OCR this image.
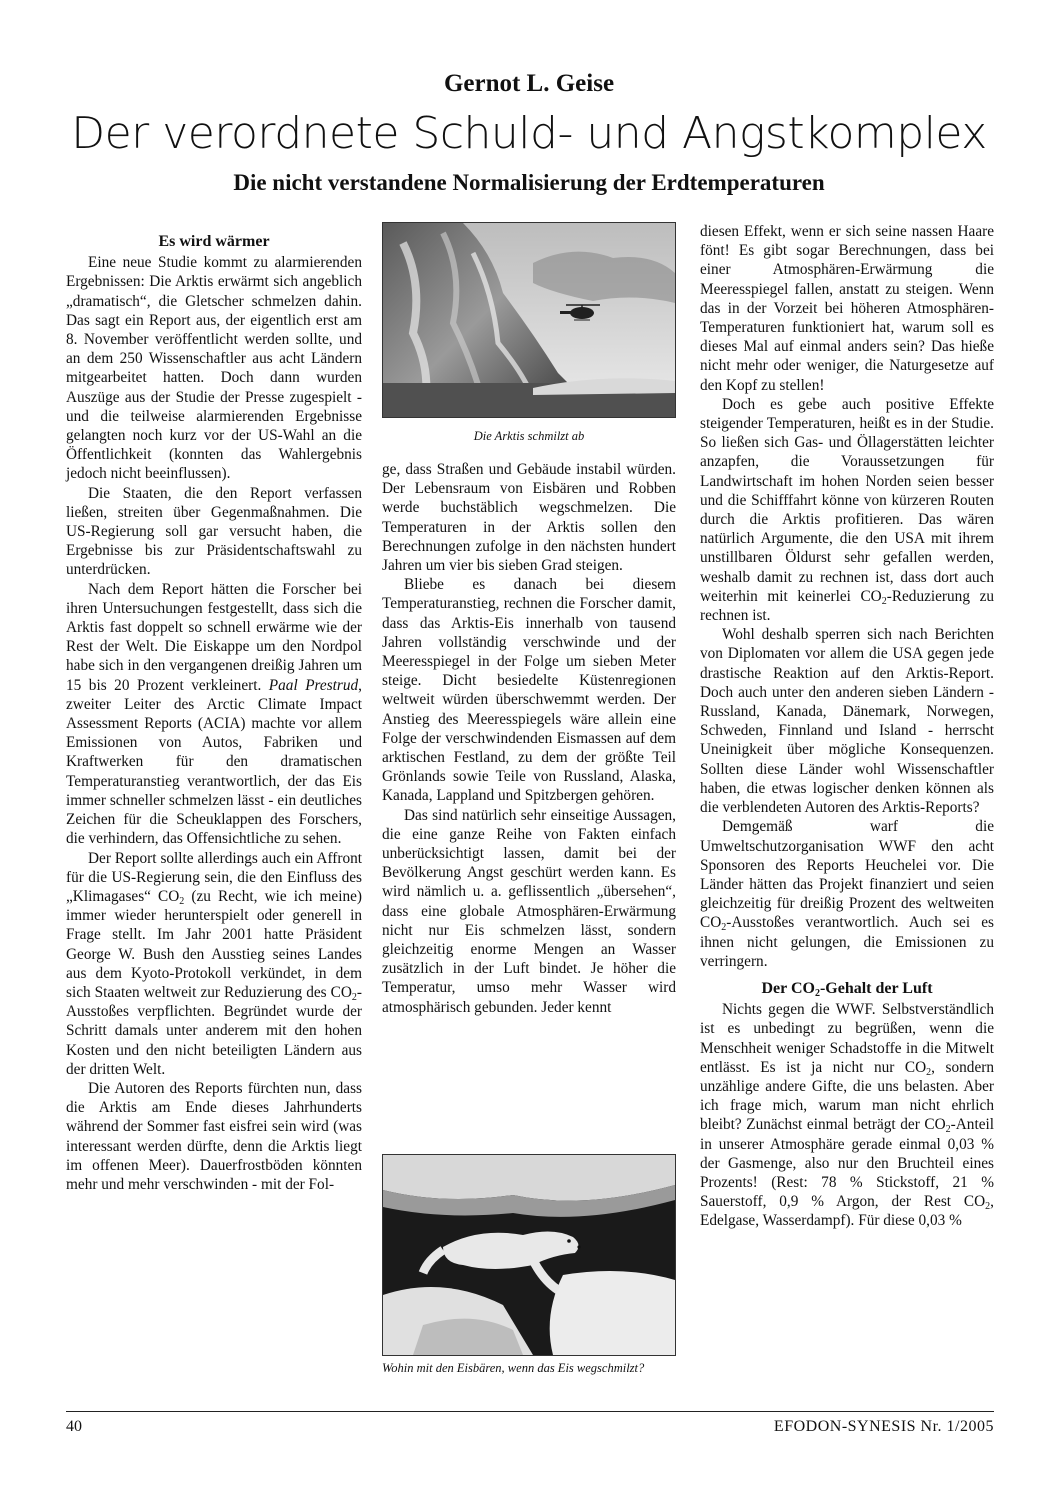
Gernot L. Geise
Der verordnete Schuld- und Angstkomplex
Die nicht verstandene Normalisierung der Erdtemperaturen
Es wird wärmer

Eine neue Studie kommt zu alarmierenden Ergebnissen: Die Arktis erwärmt sich angeblich „dramatisch“, die Gletscher schmelzen dahin. Das sagt ein Report aus, der eigentlich erst am 8. November veröffentlicht werden sollte, und an dem 250 Wissenschaftler aus acht Ländern mitgearbeitet hatten. Doch dann wurden Auszüge aus der Studie der Presse zugespielt - und die teilweise alarmierenden Ergebnisse gelangten noch kurz vor der US-Wahl an die Öffentlichkeit (konnten das Wahlergebnis jedoch nicht beeinflussen).

Die Staaten, die den Report verfassen ließen, streiten über Gegenmaßnahmen. Die US-Regierung soll gar versucht haben, die Ergebnisse bis zur Präsidentschaftswahl zu unterdrücken.

Nach dem Report hätten die Forscher bei ihren Untersuchungen festgestellt, dass sich die Arktis fast doppelt so schnell erwärme wie der Rest der Welt. Die Eiskappe um den Nordpol habe sich in den vergangenen dreißig Jahren um 15 bis 20 Prozent verkleinert. Paal Prestrud, zweiter Leiter des Arctic Climate Impact Assessment Reports (ACIA) machte vor allem Emissionen von Autos, Fabriken und Kraftwerken für den dramatischen Temperaturanstieg verantwortlich, der das Eis immer schneller schmelzen lässt - ein deutliches Zeichen für die Scheuklappen des Forschers, die verhindern, das Offensichtliche zu sehen.

Der Report sollte allerdings auch ein Affront für die US-Regierung sein, die den Einfluss des „Klimagases“ $CO_2$ (zu Recht, wie ich meine) immer wieder herunterspielt oder generell in Frage stellt. Im Jahr 2001 hatte Präsident George W. Bush den Ausstieg seines Landes aus dem Kyoto-Protokoll verkündet, in dem sich Staaten weltweit zur Reduzierung des $CO_2$-Ausstoßes verpflichten. Begründet wurde der Schritt damals unter anderem mit den hohen Kosten und den nicht beteiligten Ländern aus der dritten Welt.

Die Autoren des Reports fürchten nun, dass die Arktis am Ende dieses Jahrhunderts während der Sommer fast eisfrei sein wird (was interessant werden dürfte, denn die Arktis liegt im offenen Meer). Dauerfrostböden könnten mehr und mehr verschwinden - mit der Fol-

Die Arktis schmilzt ab

ge, dass Straßen und Gebäude instabil würden. Der Lebensraum von Eisbären und Robben werde buchstäblich wegschmelzen. Die Temperaturen in der Arktis sollen den Berechnungen zufolge in den nächsten hundert Jahren um vier bis sieben Grad steigen.

Bliebe es danach bei diesem Temperaturanstieg, rechnen die Forscher damit, dass das Arktis-Eis innerhalb von tausend Jahren vollständig verschwinde und der Meeresspiegel in der Folge um sieben Meter steige. Dicht besiedelte Küstenregionen weltweit würden überschwemmt werden. Der Anstieg des Meeresspiegels wäre allein eine Folge der verschwindenden Eismassen auf dem arktischen Festland, zu dem der größte Teil Grönlands sowie Teile von Russland, Alaska, Kanada, Lappland und Spitzbergen gehören.

Das sind natürlich sehr einseitige Aussagen, die eine ganze Reihe von Fakten einfach unberücksichtigt lassen, damit bei der Bevölkerung Angst geschürt werden kann. Es wird nämlich u. a. geflissentlich „übersehen“, dass eine globale Atmosphären-Erwärmung nicht nur Eis schmelzen lässt, sondern gleichzeitig enorme Mengen an Wasser zusätzlich in der Luft bindet. Je höher die Temperatur, umso mehr Wasser wird atmosphärisch gebunden. Jeder kennt

Wohin mit den Eisbären, wenn das Eis wegschmilzt?

diesen Effekt, wenn er sich seine nassen Haare fönt! Es gibt sogar Berechnungen, dass bei einer Atmosphären-Erwärmung die Meeresspiegel fallen, anstatt zu steigen. Wenn das in der Vorzeit bei höheren Atmosphären-Temperaturen funktioniert hat, warum soll es dieses Mal auf einmal anders sein? Das hieße nicht mehr oder weniger, die Naturgesetze auf den Kopf zu stellen!

Doch es gebe auch positive Effekte steigender Temperaturen, heißt es in der Studie. So ließen sich Gas- und Öllagerstätten leichter anzapfen, die Voraussetzungen für Landwirtschaft im hohen Norden seien besser und die Schifffahrt könne von kürzeren Routen durch die Arktis profitieren. Das wären natürlich Argumente, die den USA mit ihrem unstillbaren Öldurst sehr gefallen werden, weshalb damit zu rechnen ist, dass dort auch weiterhin mit keinerlei $CO_2$-Reduzierung zu rechnen ist.

Wohl deshalb sperren sich nach Berichten von Diplomaten vor allem die USA gegen jede drastische Reaktion auf den Arktis-Report. Doch auch unter den anderen sieben Ländern - Russland, Kanada, Dänemark, Norwegen, Schweden, Finnland und Island - herrscht Uneinigkeit über mögliche Konsequenzen. Sollten diese Länder wohl Wissenschaftler haben, die etwas logischer denken können als die verblendeten Autoren des Arktis-Reports?

Demgemäß warf die Umweltschutzorganisation WWF den acht Sponsoren des Reports Heuchelei vor. Die Länder hätten das Projekt finanziert und seien gleichzeitig für dreißig Prozent des weltweiten $CO_2$-Ausstoßes verantwortlich. Auch sei es ihnen nicht gelungen, die Emissionen zu verringern.

Der $CO_2$-Gehalt der Luft

Nichts gegen die WWF. Selbstverständlich ist es unbedingt zu begrüßen, wenn die Menschheit weniger Schadstoffe in die Mitwelt entlässt. Es ist ja nicht nur $CO_2$, sondern unzählige andere Gifte, die uns belasten. Aber ich frage mich, warum man nicht ehrlich bleibt? Zunächst einmal beträgt der $CO_2$-Anteil in unserer Atmosphäre gerade einmal 0,03 % der Gasmenge, also nur den Bruchteil eines Prozents! (Rest: 78 % Stickstoff, 21 % Sauerstoff, 0,9 % Argon, der Rest $CO_2$, Edelgase, Wasserdampf). Für diese 0,03 %

40	EFODON-SYNESIS Nr. 1/2005
